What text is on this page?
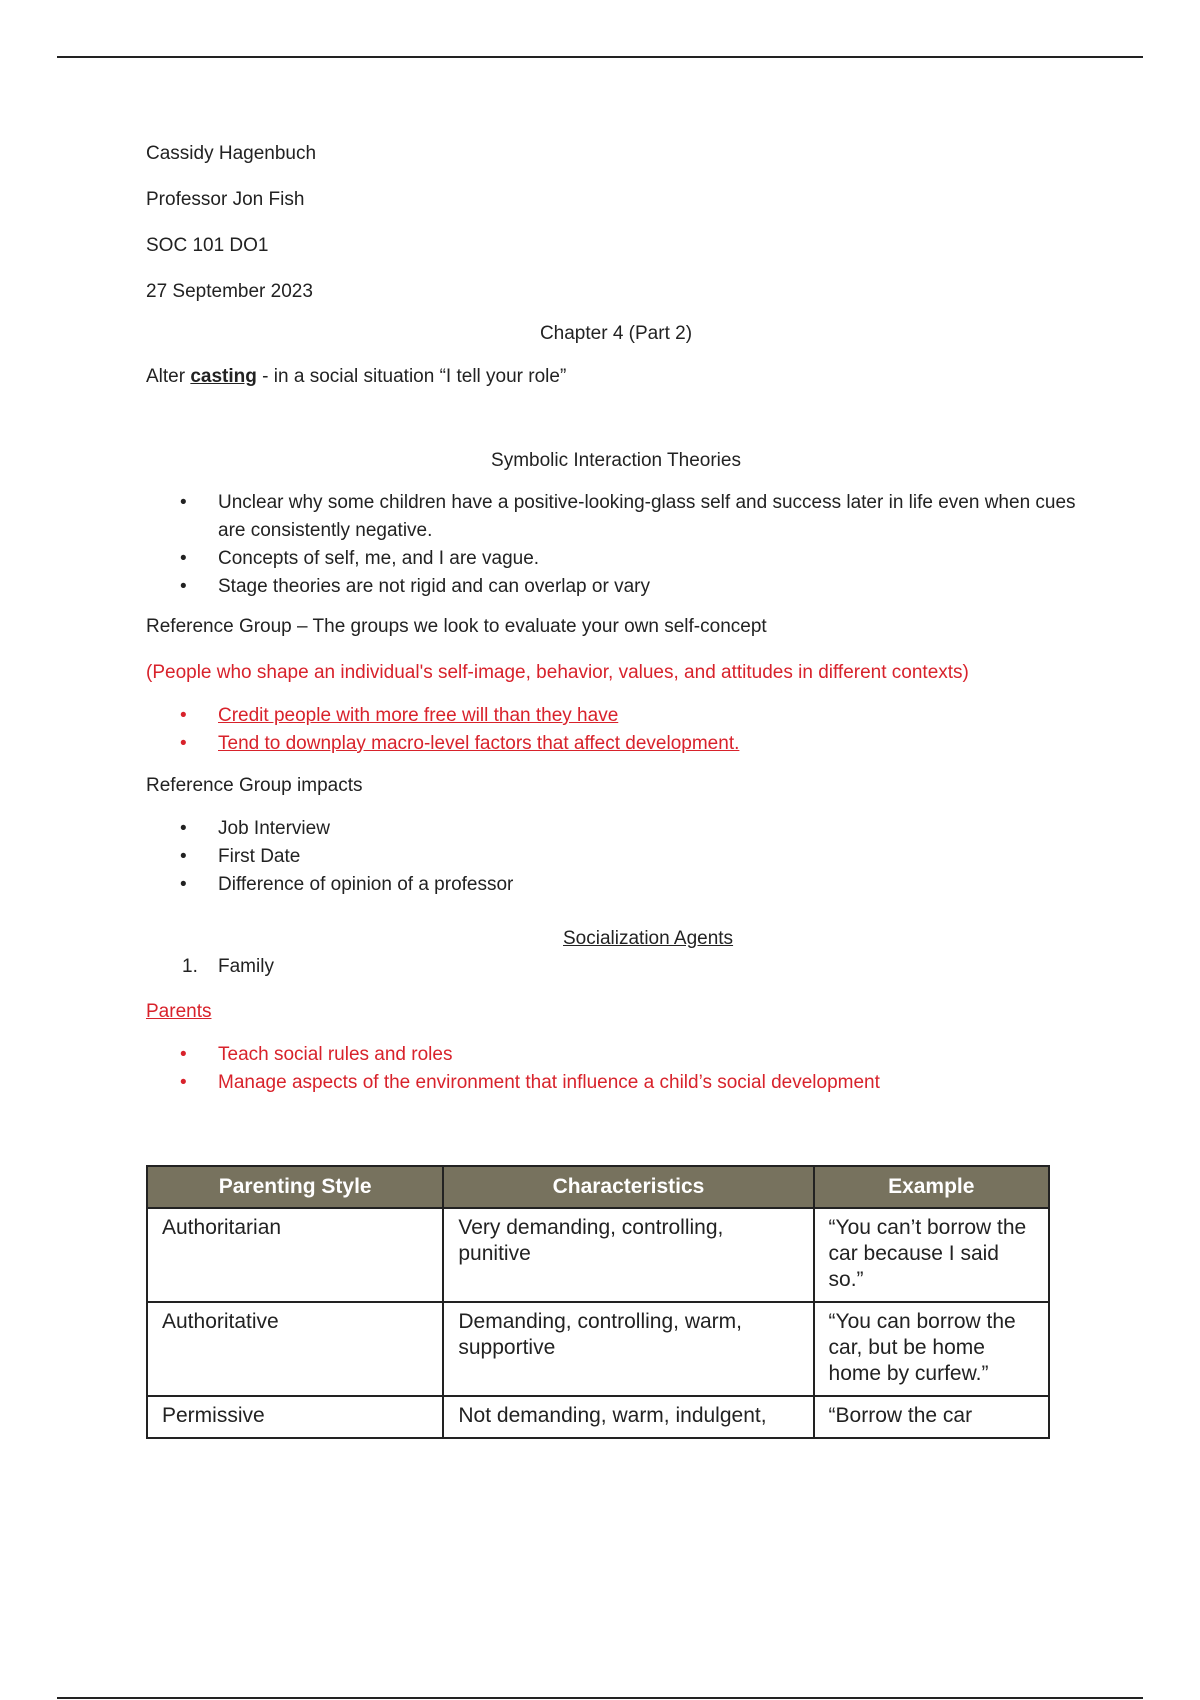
Cassidy Hagenbuch

Professor Jon Fish

SOC 101 DO1

27 September 2023

Chapter 4 (Part 2)

Alter casting - in a social situation “I tell your role”

Symbolic Interaction Theories

• Unclear why some children have a positive-looking-glass self and success later in life even when cues are consistently negative.
• Concepts of self, me, and I are vague.
• Stage theories are not rigid and can overlap or vary

Reference Group – The groups we look to evaluate your own self-concept

(People who shape an individual's self-image, behavior, values, and attitudes in different contexts)

• Credit people with more free will than they have
• Tend to downplay macro-level factors that affect development.

Reference Group impacts

• Job Interview
• First Date
• Difference of opinion of a professor

Socialization Agents

1. Family

Parents

• Teach social rules and roles
• Manage aspects of the environment that influence a child’s social development
Parenting Style	Characteristics	Example
Authoritarian	Very demanding, controlling, punitive	“You can’t borrow the car because I said so.”
Authoritative	Demanding, controlling, warm, supportive	“You can borrow the car, but be home home by curfew.”
Permissive	Not demanding, warm, indulgent,	“Borrow the car
